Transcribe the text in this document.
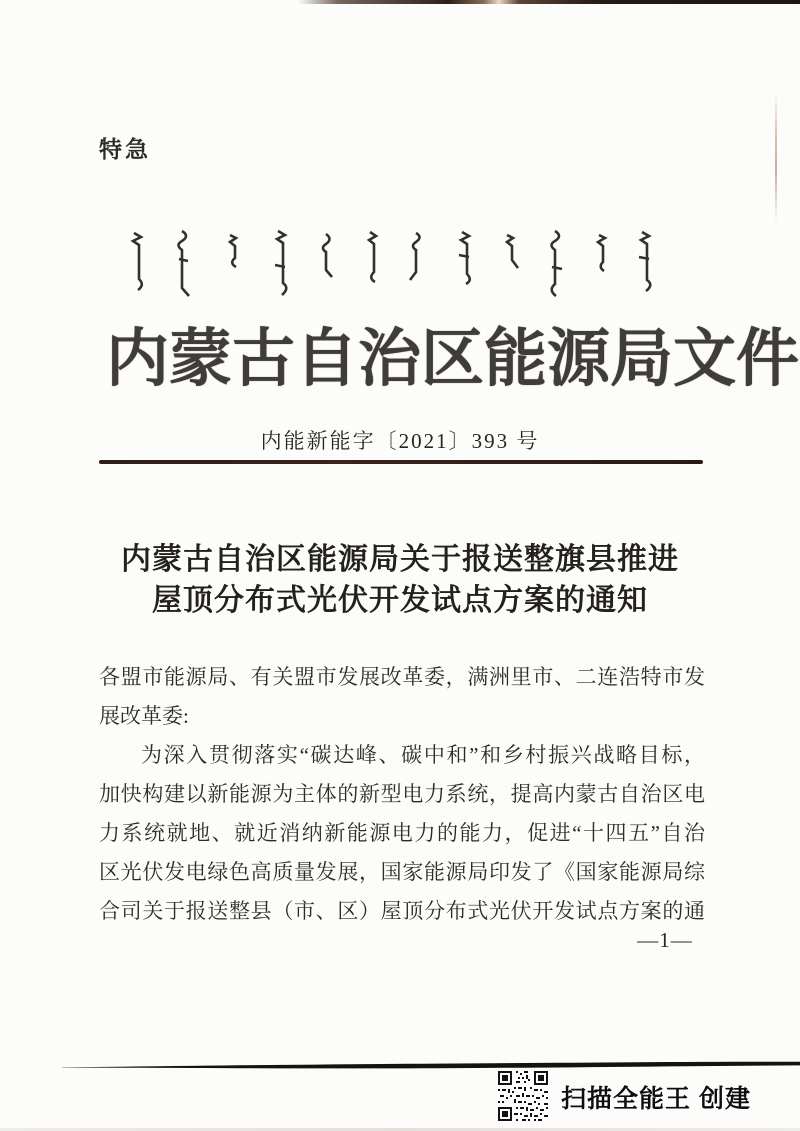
特急
内蒙古自治区能源局文件
内能新能字〔2021〕393 号
内蒙古自治区能源局关于报送整旗县推进
屋顶分布式光伏开发试点方案的通知
各盟市能源局、有关盟市发展改革委，满洲里市、二连浩特市发
展改革委:
为深入贯彻落实“碳达峰、碳中和”和乡村振兴战略目标，
加快构建以新能源为主体的新型电力系统，提高内蒙古自治区电
力系统就地、就近消纳新能源电力的能力，促进“十四五”自治
区光伏发电绿色高质量发展，国家能源局印发了《国家能源局综
合司关于报送整县（市、区）屋顶分布式光伏开发试点方案的通
—1—
扫描全能王 创建
